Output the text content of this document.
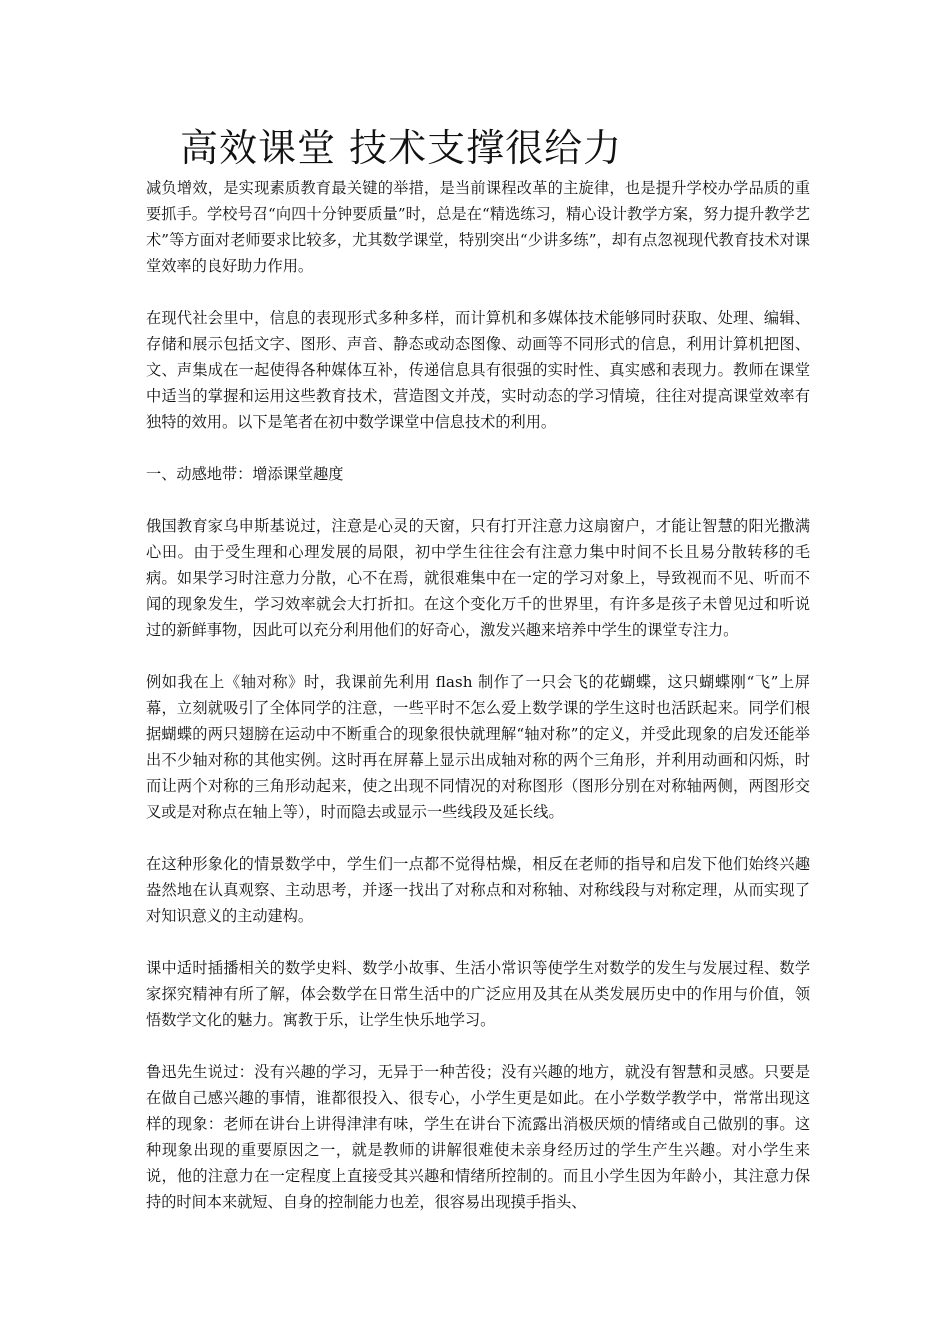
高效课堂 技术支撑很给力

减负增效，是实现素质教育最关键的举措，是当前课程改革的主旋律，也是提升学校办学品质的重要抓手。学校号召“向四十分钟要质量”时，总是在“精选练习，精心设计教学方案，努力提升教学艺术”等方面对老师要求比较多，尤其数学课堂，特别突出“少讲多练”，却有点忽视现代教育技术对课堂效率的良好助力作用。

在现代社会里中，信息的表现形式多种多样，而计算机和多媒体技术能够同时获取、处理、编辑、存储和展示包括文字、图形、声音、静态或动态图像、动画等不同形式的信息，利用计算机把图、文、声集成在一起使得各种媒体互补，传递信息具有很强的实时性、真实感和表现力。教师在课堂中适当的掌握和运用这些教育技术，营造图文并茂，实时动态的学习情境，往往对提高课堂效率有独特的效用。以下是笔者在初中数学课堂中信息技术的利用。

一、动感地带：增添课堂趣度

俄国教育家乌申斯基说过，注意是心灵的天窗，只有打开注意力这扇窗户，才能让智慧的阳光撒满心田。由于受生理和心理发展的局限，初中学生往往会有注意力集中时间不长且易分散转移的毛病。如果学习时注意力分散，心不在焉，就很难集中在一定的学习对象上，导致视而不见、听而不闻的现象发生，学习效率就会大打折扣。在这个变化万千的世界里，有许多是孩子未曾见过和听说过的新鲜事物，因此可以充分利用他们的好奇心，激发兴趣来培养中学生的课堂专注力。

例如我在上《轴对称》时，我课前先利用 flash 制作了一只会飞的花蝴蝶，这只蝴蝶刚“飞”上屏幕，立刻就吸引了全体同学的注意，一些平时不怎么爱上数学课的学生这时也活跃起来。同学们根据蝴蝶的两只翅膀在运动中不断重合的现象很快就理解“轴对称”的定义，并受此现象的启发还能举出不少轴对称的其他实例。这时再在屏幕上显示出成轴对称的两个三角形，并利用动画和闪烁，时而让两个对称的三角形动起来，使之出现不同情况的对称图形（图形分别在对称轴两侧，两图形交叉或是对称点在轴上等），时而隐去或显示一些线段及延长线。

在这种形象化的情景数学中，学生们一点都不觉得枯燥，相反在老师的指导和启发下他们始终兴趣盎然地在认真观察、主动思考，并逐一找出了对称点和对称轴、对称线段与对称定理，从而实现了对知识意义的主动建构。

课中适时插播相关的数学史料、数学小故事、生活小常识等使学生对数学的发生与发展过程、数学家探究精神有所了解，体会数学在日常生活中的广泛应用及其在从类发展历史中的作用与价值，领悟数学文化的魅力。寓教于乐，让学生快乐地学习。

鲁迅先生说过：没有兴趣的学习，无异于一种苦役；没有兴趣的地方，就没有智慧和灵感。只要是在做自己感兴趣的事情，谁都很投入、很专心，小学生更是如此。在小学数学教学中，常常出现这样的现象：老师在讲台上讲得津津有味，学生在讲台下流露出消极厌烦的情绪或自己做别的事。这种现象出现的重要原因之一，就是教师的讲解很难使未亲身经历过的学生产生兴趣。对小学生来说，他的注意力在一定程度上直接受其兴趣和情绪所控制的。而且小学生因为年龄小，其注意力保持的时间本来就短、自身的控制能力也差，很容易出现摸手指头、
